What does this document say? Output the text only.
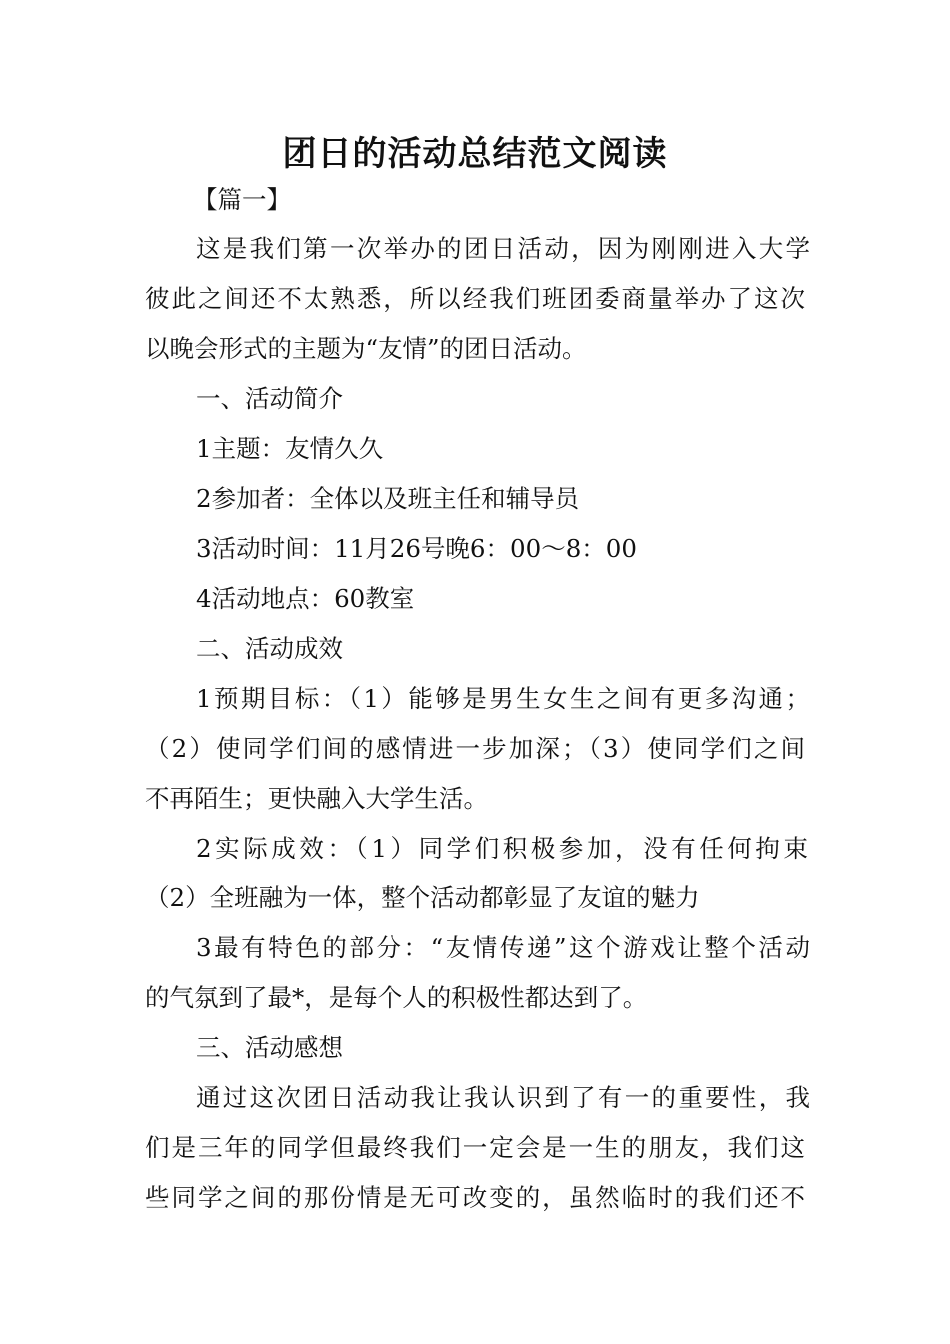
团日的活动总结范文阅读
【篇一】
这是我们第一次举办的团日活动，因为刚刚进入大学
彼此之间还不太熟悉，所以经我们班团委商量举办了这次
以晚会形式的主题为“友情”的团日活动。
一、活动简介
1主题：友情久久
2参加者：全体以及班主任和辅导员
3活动时间：11月26号晚6：00～8：00
4活动地点：60教室
二、活动成效
1预期目标：（1）能够是男生女生之间有更多沟通；
（2）使同学们间的感情进一步加深；（3）使同学们之间
不再陌生；更快融入大学生活。
2实际成效：（1）同学们积极参加，没有任何拘束
（2）全班融为一体，整个活动都彰显了友谊的魅力
3最有特色的部分：“友情传递”这个游戏让整个活动
的气氛到了最*，是每个人的积极性都达到了。
三、活动感想
通过这次团日活动我让我认识到了有一的重要性，我
们是三年的同学但最终我们一定会是一生的朋友，我们这
些同学之间的那份情是无可改变的，虽然临时的我们还不
